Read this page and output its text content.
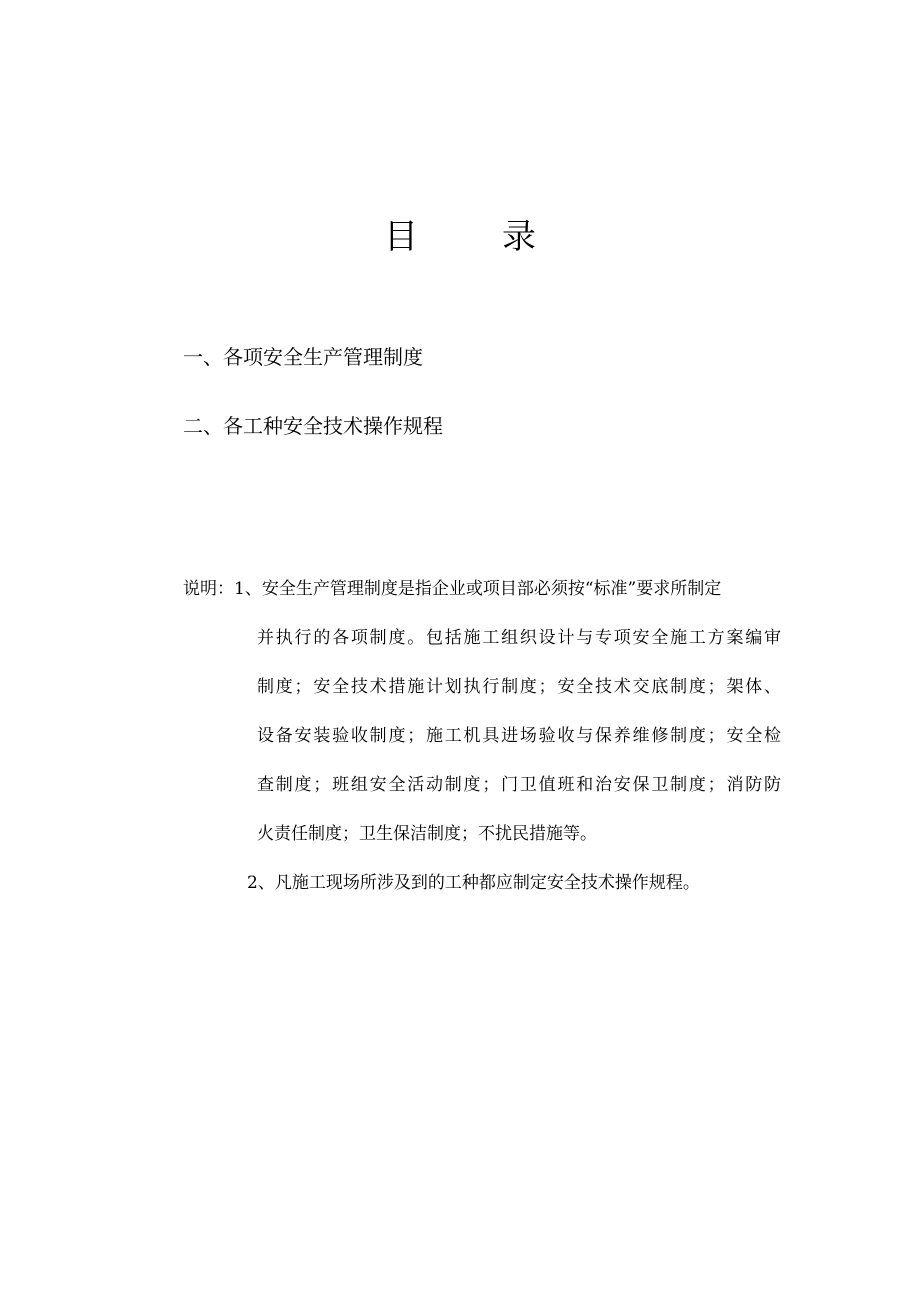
目 录
一、各项安全生产管理制度
二、各工种安全技术操作规程
说明：1、安全生产管理制度是指企业或项目部必须按“标准”要求所制定
并执行的各项制度。包括施工组织设计与专项安全施工方案编审
制度；安全技术措施计划执行制度；安全技术交底制度；架体、
设备安装验收制度；施工机具进场验收与保养维修制度；安全检
查制度；班组安全活动制度；门卫值班和治安保卫制度；消防防
火责任制度；卫生保洁制度；不扰民措施等。
2、凡施工现场所涉及到的工种都应制定安全技术操作规程。
